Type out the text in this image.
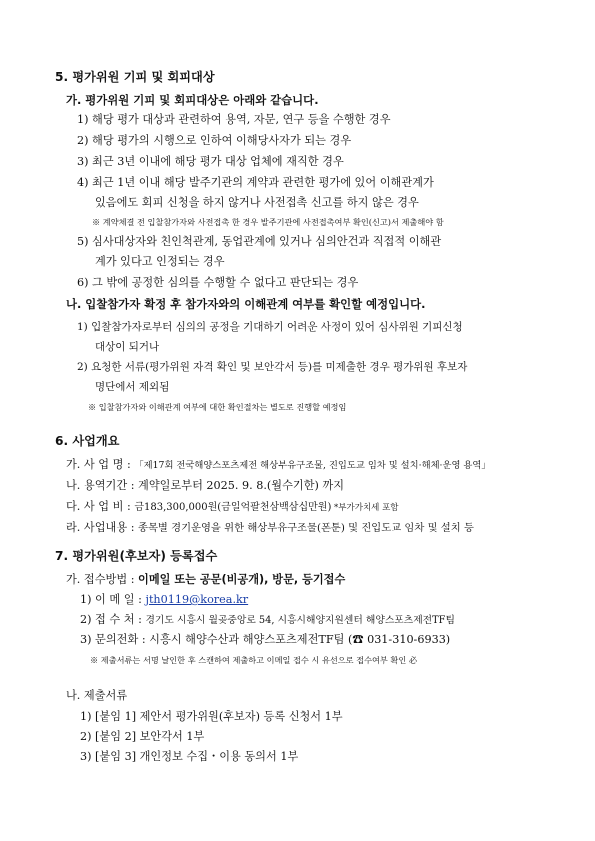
5. 평가위원 기피 및 회피대상
가. 평가위원 기피 및 회피대상은 아래와 같습니다.
1) 해당 평가 대상과 관련하여 용역, 자문, 연구 등을 수행한 경우
2) 해당 평가의 시행으로 인하여 이해당사자가 되는 경우
3) 최근 3년 이내에 해당 평가 대상 업체에 재직한 경우
4) 최근 1년 이내 해당 발주기관의 계약과 관련한 평가에 있어 이해관계가
있음에도 회피 신청을 하지 않거나 사전접촉 신고를 하지 않은 경우
※ 계약체결 전 입찰참가자와 사전접촉 한 경우 발주기관에 사전접촉여부 확인(신고)서 제출해야 함
5) 심사대상자와 친인척관계, 동업관계에 있거나 심의안건과 직접적 이해관
계가 있다고 인정되는 경우
6) 그 밖에 공정한 심의를 수행할 수 없다고 판단되는 경우
나. 입찰참가자 확정 후 참가자와의 이해관계 여부를 확인할 예정입니다.
1) 입찰참가자로부터 심의의 공정을 기대하기 어려운 사정이 있어 심사위원 기피신청
대상이 되거나
2) 요청한 서류(평가위원 자격 확인 및 보안각서 등)를 미제출한 경우 평가위원 후보자
명단에서 제외됨
※ 입찰참가자와 이해관계 여부에 대한 확인절차는 별도로 진행할 예정임
6. 사업개요
가. 사 업 명 : 「제17회 전국해양스포츠제전 해상부유구조물, 진입도교 임차 및 설치·해체·운영 용역」
나. 용역기간 : 계약일로부터 2025. 9. 8.(월수기한) 까지
다. 사 업 비 : 금183,300,000원(금일억팔천삼백삼십만원) *부가가치세 포함
라. 사업내용 : 종목별 경기운영을 위한 해상부유구조물(폰툰) 및 진입도교 임차 및 설치 등
7. 평가위원(후보자) 등록접수
가. 접수방법 : 이메일 또는 공문(비공개), 방문, 등기접수
1) 이 메 일 : jth0119@korea.kr
2) 접 수 처 : 경기도 시흥시 월곶중앙로 54, 시흥시해양지원센터 해양스포츠제전TF팀
3) 문의전화 : 시흥시 해양수산과 해양스포츠제전TF팀 (☎ 031-310-6933)
※ 제출서류는 서명 날인한 후 스캔하여 제출하고 이메일 접수 시 유선으로 접수여부 확인 必
나. 제출서류
1) [붙임 1] 제안서 평가위원(후보자) 등록 신청서 1부
2) [붙임 2] 보안각서 1부
3) [붙임 3] 개인정보 수집・이용 동의서 1부
